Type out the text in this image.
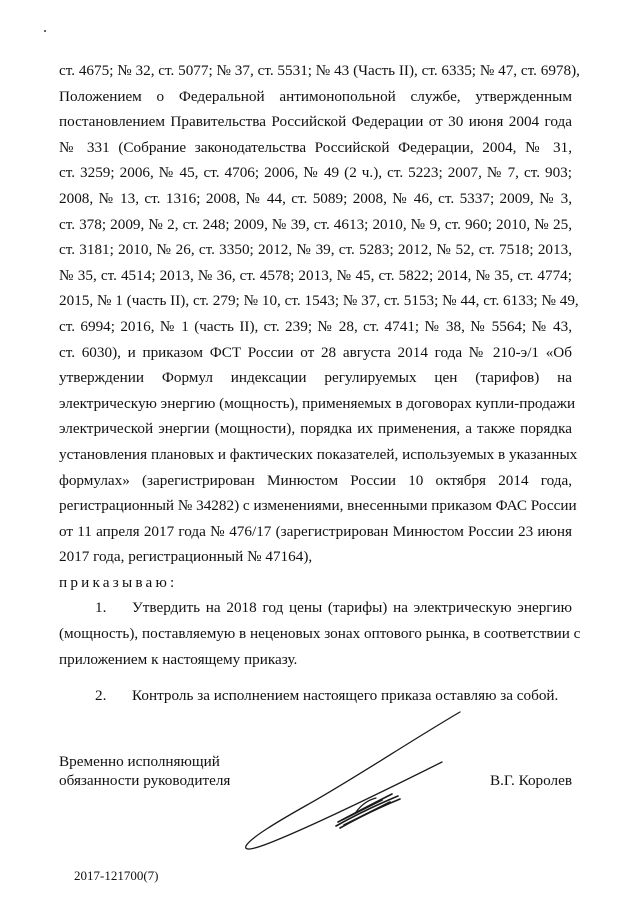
ст. 4675; № 32, ст. 5077; № 37, ст. 5531; № 43 (Часть II), ст. 6335; № 47, ст. 6978),
Положением о Федеральной антимонопольной службе, утвержденным
постановлением Правительства Российской Федерации от 30 июня 2004 года
№ 331 (Собрание законодательства Российской Федерации, 2004, № 31,
ст. 3259; 2006, № 45, ст. 4706; 2006, № 49 (2 ч.), ст. 5223; 2007, № 7, ст. 903;
2008, № 13, ст. 1316; 2008, № 44, ст. 5089; 2008, № 46, ст. 5337; 2009, № 3,
ст. 378; 2009, № 2, ст. 248; 2009, № 39, ст. 4613; 2010, № 9, ст. 960; 2010, № 25,
ст. 3181; 2010, № 26, ст. 3350; 2012, № 39, ст. 5283; 2012, № 52, ст. 7518; 2013,
№ 35, ст. 4514; 2013, № 36, ст. 4578; 2013, № 45, ст. 5822; 2014, № 35, ст. 4774;
2015, № 1 (часть II), ст. 279; № 10, ст. 1543; № 37, ст. 5153; № 44, ст. 6133; № 49,
ст. 6994; 2016, № 1 (часть II), ст. 239; № 28, ст. 4741; № 38, № 5564; № 43,
ст. 6030), и приказом ФСТ России от 28 августа 2014 года № 210-э/1 «Об
утверждении Формул индексации регулируемых цен (тарифов) на
электрическую энергию (мощность), применяемых в договорах купли-продажи
электрической энергии (мощности), порядка их применения, а также порядка
установления плановых и фактических показателей, используемых в указанных
формулах» (зарегистрирован Минюстом России 10 октября 2014 года,
регистрационный № 34282) с изменениями, внесенными приказом ФАС России
от 11 апреля 2017 года № 476/17 (зарегистрирован Минюстом России 23 июня
2017 года, регистрационный № 47164),
приказываю:
1. Утвердить на 2018 год цены (тарифы) на электрическую энергию
(мощность), поставляемую в неценовых зонах оптового рынка, в соответствии с
приложением к настоящему приказу.
2. Контроль за исполнением настоящего приказа оставляю за собой.
Временно исполняющий
обязанности руководителя	В.Г. Королев
2017-121700(7)
